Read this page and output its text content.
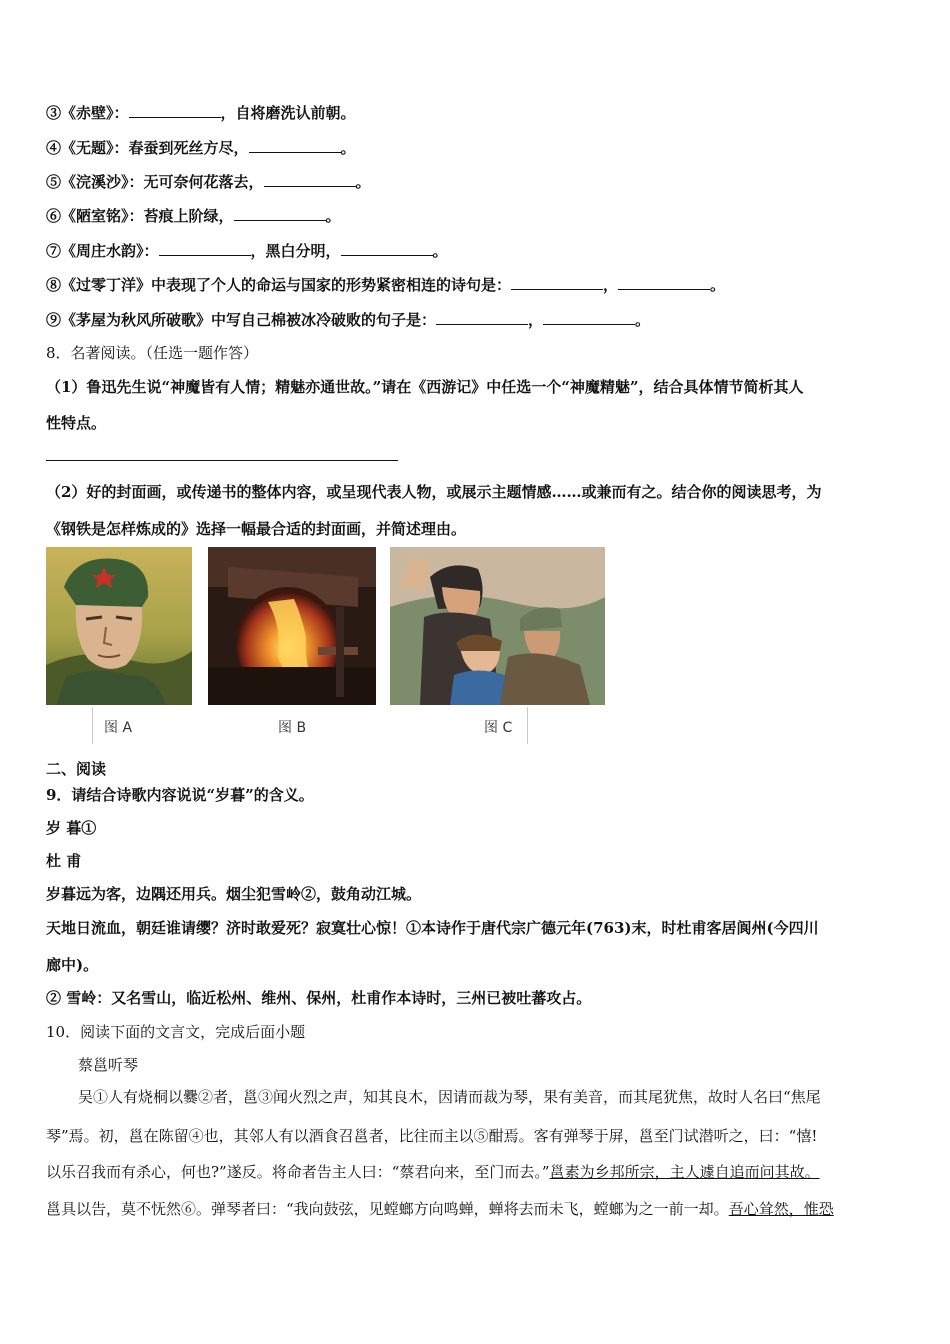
③《赤壁》：	，自将磨洗认前朝。
④《无题》：春蚕到死丝方尽，	。
⑤《浣溪沙》：无可奈何花落去，	。
⑥《陋室铭》：苔痕上阶绿，	。
⑦《周庄水韵》：	，黑白分明，	。
⑧《过零丁洋》中表现了个人的命运与国家的形势紧密相连的诗句是：	，	。
⑨《茅屋为秋风所破歌》中写自己棉被冰冷破败的句子是：	，	。
8．名著阅读。（任选一题作答）
（1）鲁迅先生说“神魔皆有人情；精魅亦通世故。”请在《西游记》中任选一个“神魔精魅”，结合具体情节简析其人
性特点。
（2）好的封面画，或传递书的整体内容，或呈现代表人物，或展示主题情感……或兼而有之。结合你的阅读思考，为
《钢铁是怎样炼成的》选择一幅最合适的封面画，并简述理由。
图 A	图 B	图 C
二、阅读
9．请结合诗歌内容说说“岁暮”的含义。
岁 暮①
杜 甫
岁暮远为客，边隅还用兵。烟尘犯雪岭②，鼓角动江城。
天地日流血，朝廷谁请缨？济时敢爱死？寂寞壮心惊！①本诗作于唐代宗广德元年(763)末，时杜甫客居阆州(今四川
廊中)。
② 雪岭：又名雪山，临近松州、维州、保州，杜甫作本诗时，三州已被吐蕃攻占。
10．阅读下面的文言文，完成后面小题
蔡邕听琴
吴①人有烧桐以爨②者，邕③闻火烈之声，知其良木，因请而裁为琴，果有美音，而其尾犹焦，故时人名曰“焦尾
琴”焉。初，邕在陈留④也，其邻人有以酒食召邕者，比往而主以⑤酣焉。客有弹琴于屏，邕至门试潜听之，曰：“憘!
以乐召我而有杀心，何也?”遂反。将命者告主人曰：“蔡君向来，至门而去。”邕素为乡邦所宗，主人遽自追而问其故。
邕具以告，莫不怃然⑥。弹琴者曰：“我向鼓弦，见螳螂方向鸣蝉，蝉将去而未飞，螳螂为之一前一却。吾心耸然，惟恐
